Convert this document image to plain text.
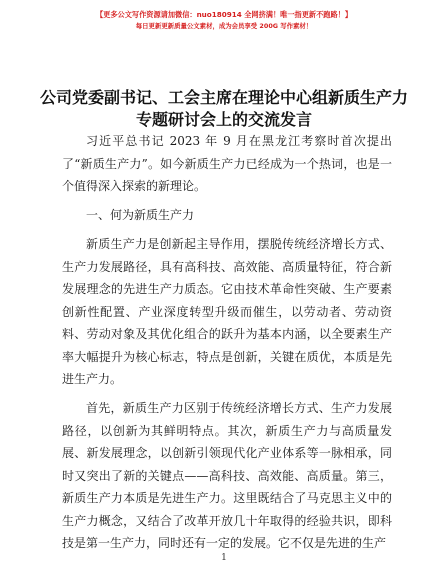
【更多公文写作资源请加微信：nuo180914 全网挤满！唯一指更新不跑路！】
每日更新更新质量公文素材，成为会员享受 200G 写作素材！
公司党委副书记、工会主席在理论中心组新质生产力专题研讨会上的交流发言

习近平总书记 2023 年 9 月在黑龙江考察时首次提出了“新质生产力”。如今新质生产力已经成为一个热词，也是一个值得深入探索的新理论。

一、何为新质生产力

新质生产力是创新起主导作用，摆脱传统经济增长方式、生产力发展路径，具有高科技、高效能、高质量特征，符合新发展理念的先进生产力质态。它由技术革命性突破、生产要素创新性配置、产业深度转型升级而催生，以劳动者、劳动资料、劳动对象及其优化组合的跃升为基本内涵，以全要素生产率大幅提升为核心标志，特点是创新，关键在质优，本质是先进生产力。

首先，新质生产力区别于传统经济增长方式、生产力发展路径，以创新为其鲜明特点。其次，新质生产力与高质量发展、新发展理念，以创新引领现代化产业体系等一脉相承，同时又突出了新的关键点——高科技、高效能、高质量。第三，新质生产力本质是先进生产力。这里既结合了马克思主义中的生产力概念，又结合了改革开放几十年取得的经验共识，即科技是第一生产力，同时还有一定的发展。它不仅是先进的生产

1
